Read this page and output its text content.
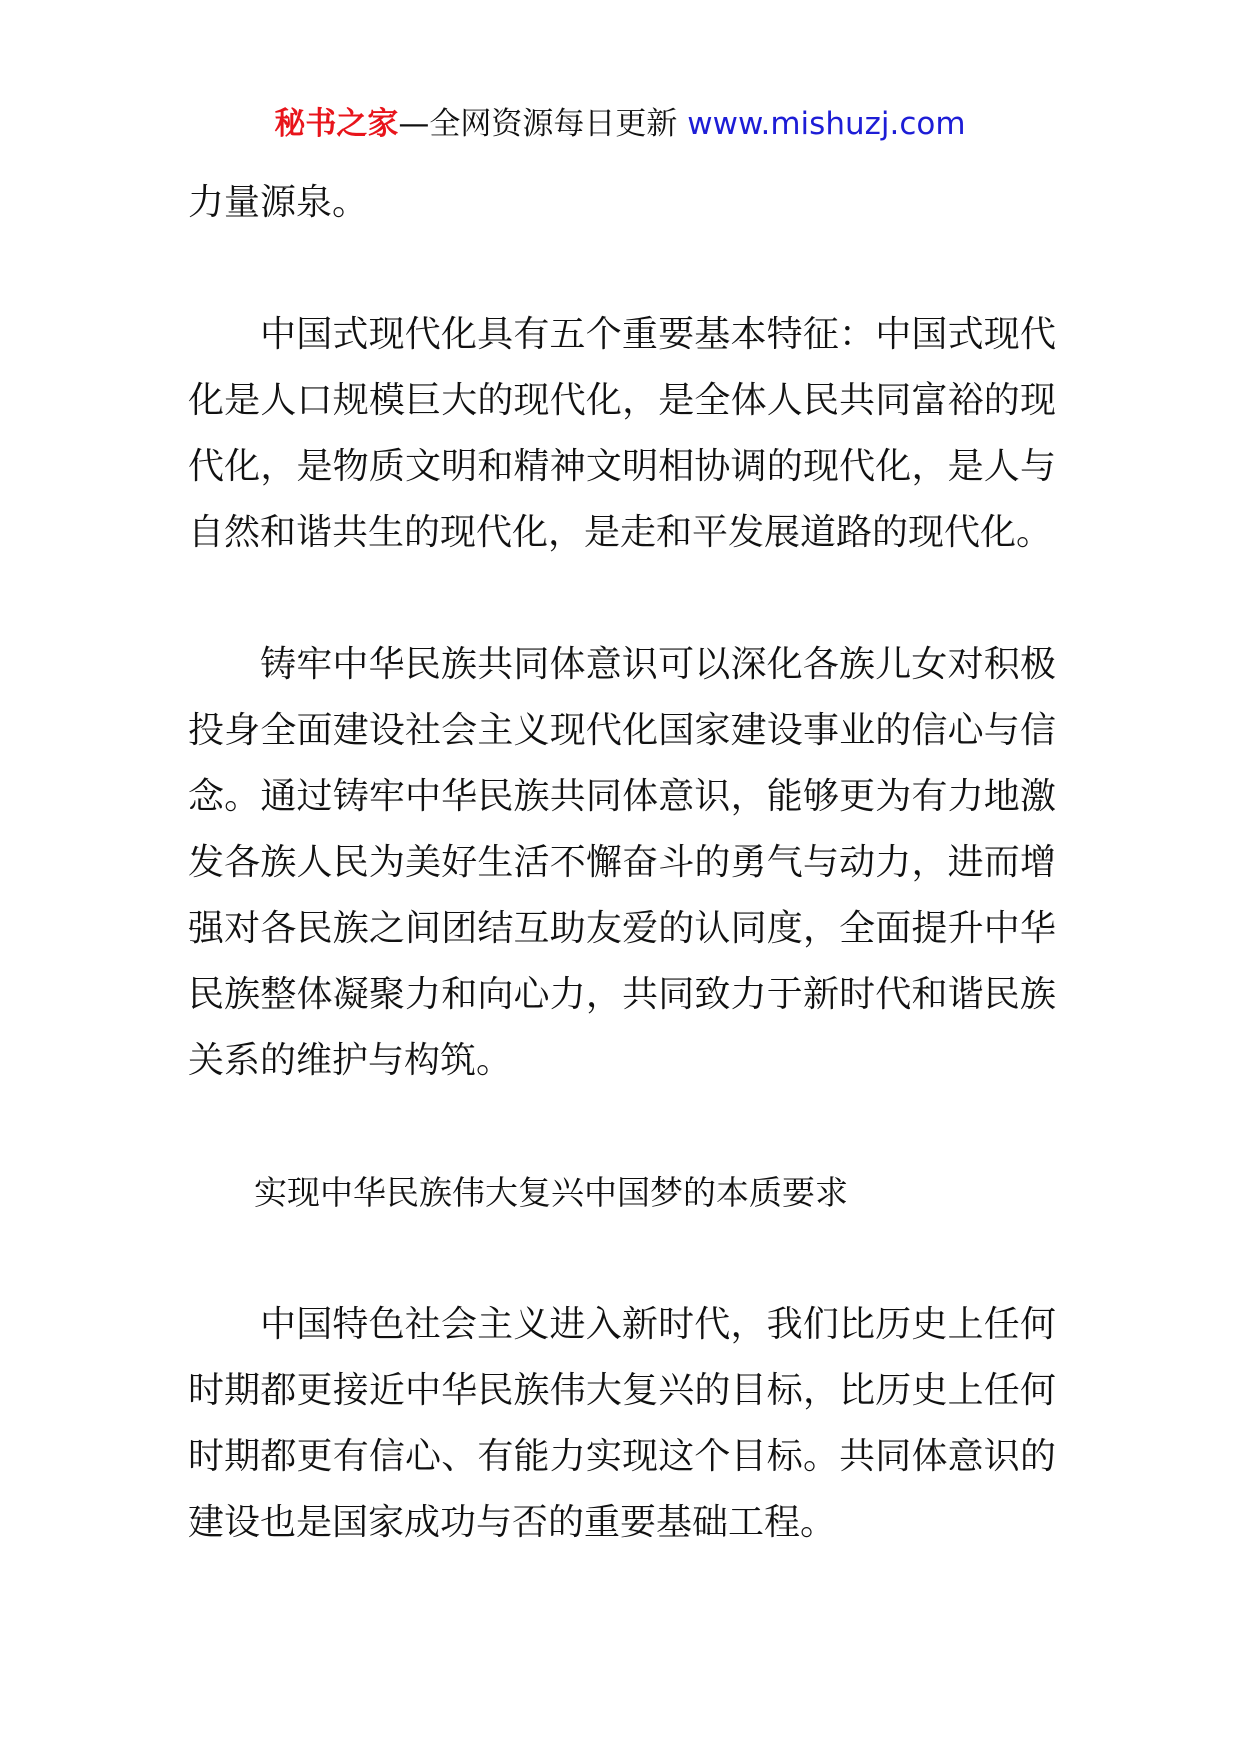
秘书之家—全网资源每日更新 www.mishuzj.com

力量源泉。

中国式现代化具有五个重要基本特征：中国式现代化是人口规模巨大的现代化，是全体人民共同富裕的现代化，是物质文明和精神文明相协调的现代化，是人与自然和谐共生的现代化，是走和平发展道路的现代化。

铸牢中华民族共同体意识可以深化各族儿女对积极投身全面建设社会主义现代化国家建设事业的信心与信念。通过铸牢中华民族共同体意识，能够更为有力地激发各族人民为美好生活不懈奋斗的勇气与动力，进而增强对各民族之间团结互助友爱的认同度，全面提升中华民族整体凝聚力和向心力，共同致力于新时代和谐民族关系的维护与构筑。

实现中华民族伟大复兴中国梦的本质要求

中国特色社会主义进入新时代，我们比历史上任何时期都更接近中华民族伟大复兴的目标，比历史上任何时期都更有信心、有能力实现这个目标。共同体意识的建设也是国家成功与否的重要基础工程。
